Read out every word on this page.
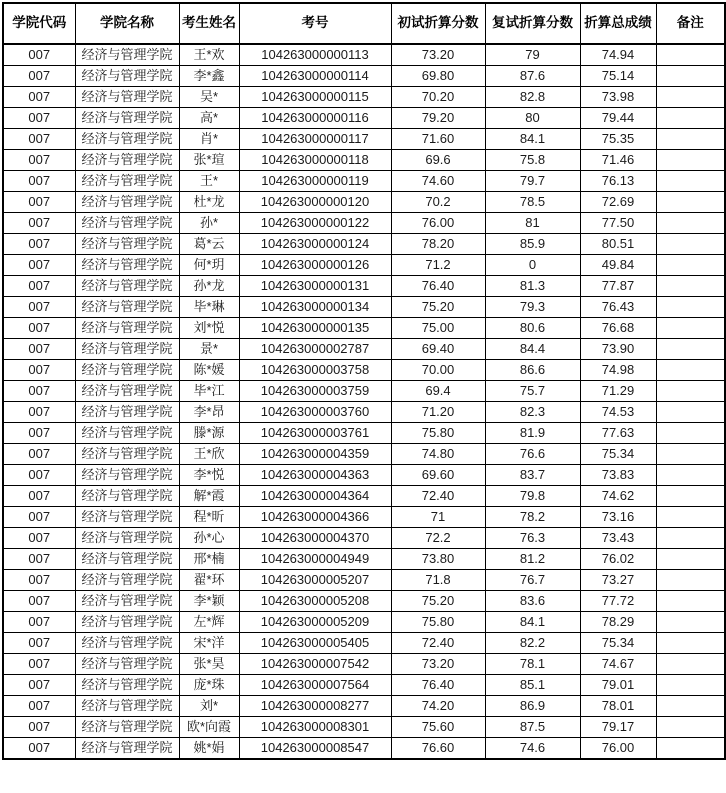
学院代码	学院名称	考生姓名	考号	初试折算分数	复试折算分数	折算总成绩	备注
007	经济与管理学院	王*欢	104263000000113	73.20	79	74.94	
007	经济与管理学院	李*鑫	104263000000114	69.80	87.6	75.14	
007	经济与管理学院	吴*	104263000000115	70.20	82.8	73.98	
007	经济与管理学院	高*	104263000000116	79.20	80	79.44	
007	经济与管理学院	肖*	104263000000117	71.60	84.1	75.35	
007	经济与管理学院	张*瑄	104263000000118	69.6	75.8	71.46	
007	经济与管理学院	王*	104263000000119	74.60	79.7	76.13	
007	经济与管理学院	杜*龙	104263000000120	70.2	78.5	72.69	
007	经济与管理学院	孙*	104263000000122	76.00	81	77.50	
007	经济与管理学院	葛*云	104263000000124	78.20	85.9	80.51	
007	经济与管理学院	何*玥	104263000000126	71.2	0	49.84	
007	经济与管理学院	孙*龙	104263000000131	76.40	81.3	77.87	
007	经济与管理学院	毕*琳	104263000000134	75.20	79.3	76.43	
007	经济与管理学院	刘*悦	104263000000135	75.00	80.6	76.68	
007	经济与管理学院	景*	104263000002787	69.40	84.4	73.90	
007	经济与管理学院	陈*媛	104263000003758	70.00	86.6	74.98	
007	经济与管理学院	毕*江	104263000003759	69.4	75.7	71.29	
007	经济与管理学院	李*昂	104263000003760	71.20	82.3	74.53	
007	经济与管理学院	滕*源	104263000003761	75.80	81.9	77.63	
007	经济与管理学院	王*欣	104263000004359	74.80	76.6	75.34	
007	经济与管理学院	李*悦	104263000004363	69.60	83.7	73.83	
007	经济与管理学院	解*霞	104263000004364	72.40	79.8	74.62	
007	经济与管理学院	程*昕	104263000004366	71	78.2	73.16	
007	经济与管理学院	孙*心	104263000004370	72.2	76.3	73.43	
007	经济与管理学院	邢*楠	104263000004949	73.80	81.2	76.02	
007	经济与管理学院	翟*环	104263000005207	71.8	76.7	73.27	
007	经济与管理学院	李*颖	104263000005208	75.20	83.6	77.72	
007	经济与管理学院	左*辉	104263000005209	75.80	84.1	78.29	
007	经济与管理学院	宋*洋	104263000005405	72.40	82.2	75.34	
007	经济与管理学院	张*昊	104263000007542	73.20	78.1	74.67	
007	经济与管理学院	庞*珠	104263000007564	76.40	85.1	79.01	
007	经济与管理学院	刘*	104263000008277	74.20	86.9	78.01	
007	经济与管理学院	欧*向霞	104263000008301	75.60	87.5	79.17	
007	经济与管理学院	姚*娟	104263000008547	76.60	74.6	76.00	
